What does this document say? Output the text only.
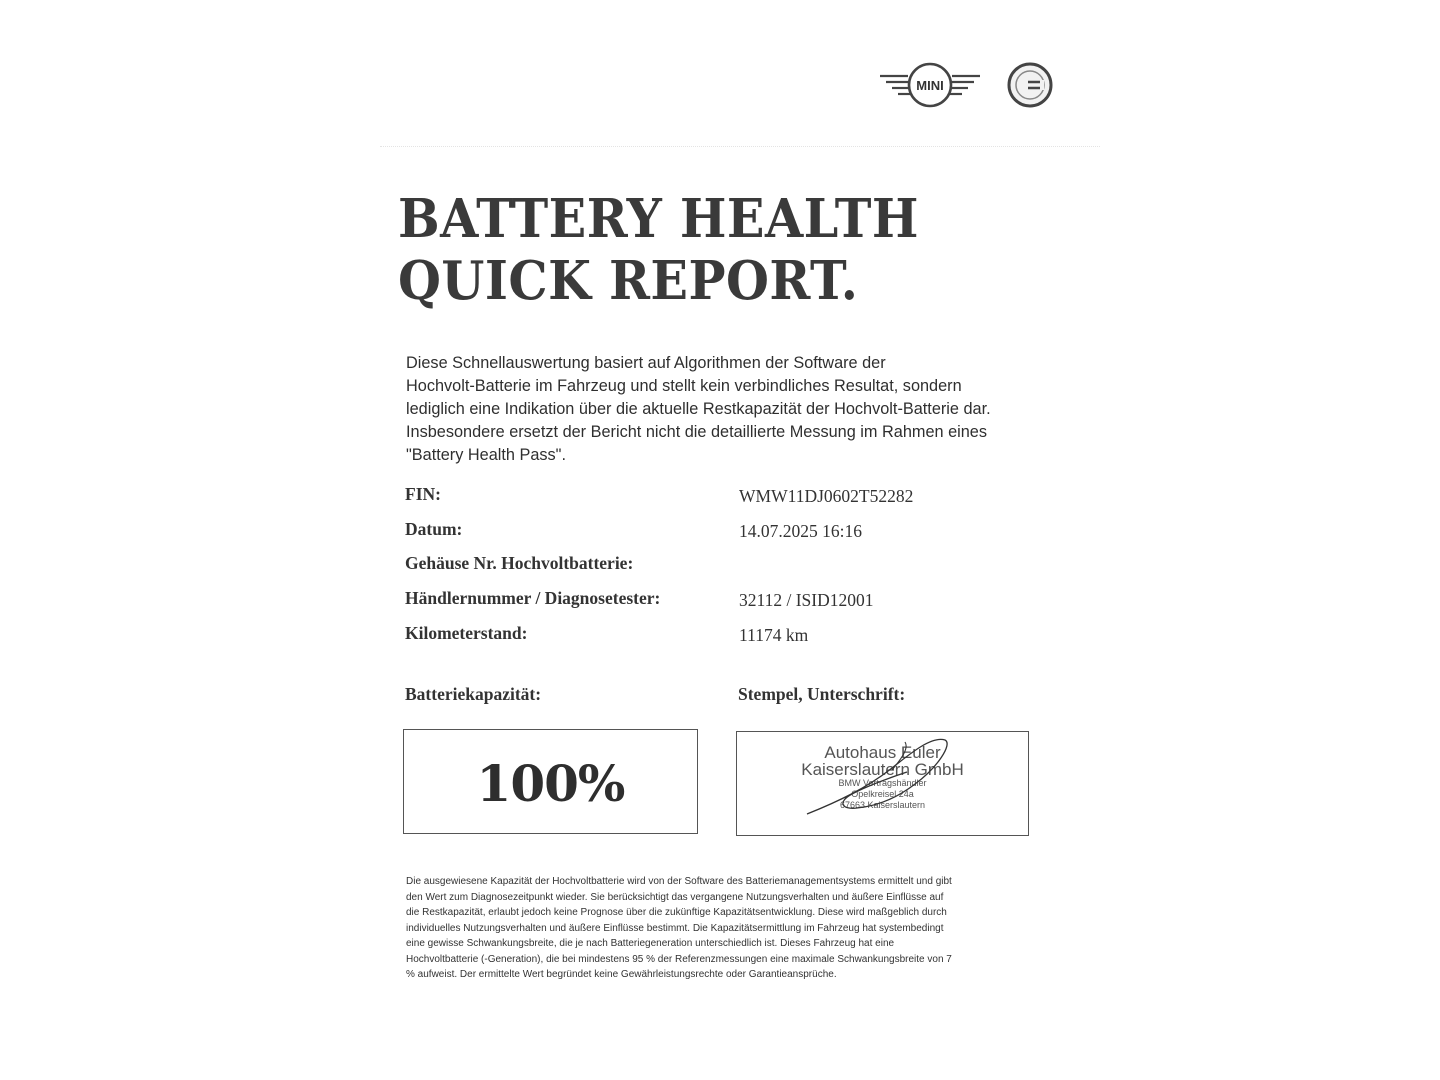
MINI
BATTERY HEALTH
QUICK REPORT.

Diese Schnellauswertung basiert auf Algorithmen der Software der
Hochvolt-Batterie im Fahrzeug und stellt kein verbindliches Resultat, sondern
lediglich eine Indikation über die aktuelle Restkapazität der Hochvolt-Batterie dar.
Insbesondere ersetzt der Bericht nicht die detaillierte Messung im Rahmen eines
"Battery Health Pass".

FIN:	WMW11DJ0602T52282
Datum:	14.07.2025 16:16
Gehäuse Nr. Hochvoltbatterie:
Händlernummer / Diagnosetester:	32112 / ISID12001
Kilometerstand:	11174 km
Batteriekapazität:	Stempel, Unterschrift:
100%
Autohaus Euler
Kaiserslautern GmbH
BMW Vertragshändler
Opelkreisel 24a
67663 Kaiserslautern

Die ausgewiesene Kapazität der Hochvoltbatterie wird von der Software des Batteriemanagementsystems ermittelt und gibt
den Wert zum Diagnosezeitpunkt wieder. Sie berücksichtigt das vergangene Nutzungsverhalten und äußere Einflüsse auf
die Restkapazität, erlaubt jedoch keine Prognose über die zukünftige Kapazitätsentwicklung. Diese wird maßgeblich durch
individuelles Nutzungsverhalten und äußere Einflüsse bestimmt. Die Kapazitätsermittlung im Fahrzeug hat systembedingt
eine gewisse Schwankungsbreite, die je nach Batteriegeneration unterschiedlich ist. Dieses Fahrzeug hat eine
Hochvoltbatterie (-Generation), die bei mindestens 95 % der Referenzmessungen eine maximale Schwankungsbreite von 7
% aufweist. Der ermittelte Wert begründet keine Gewährleistungsrechte oder Garantieansprüche.
